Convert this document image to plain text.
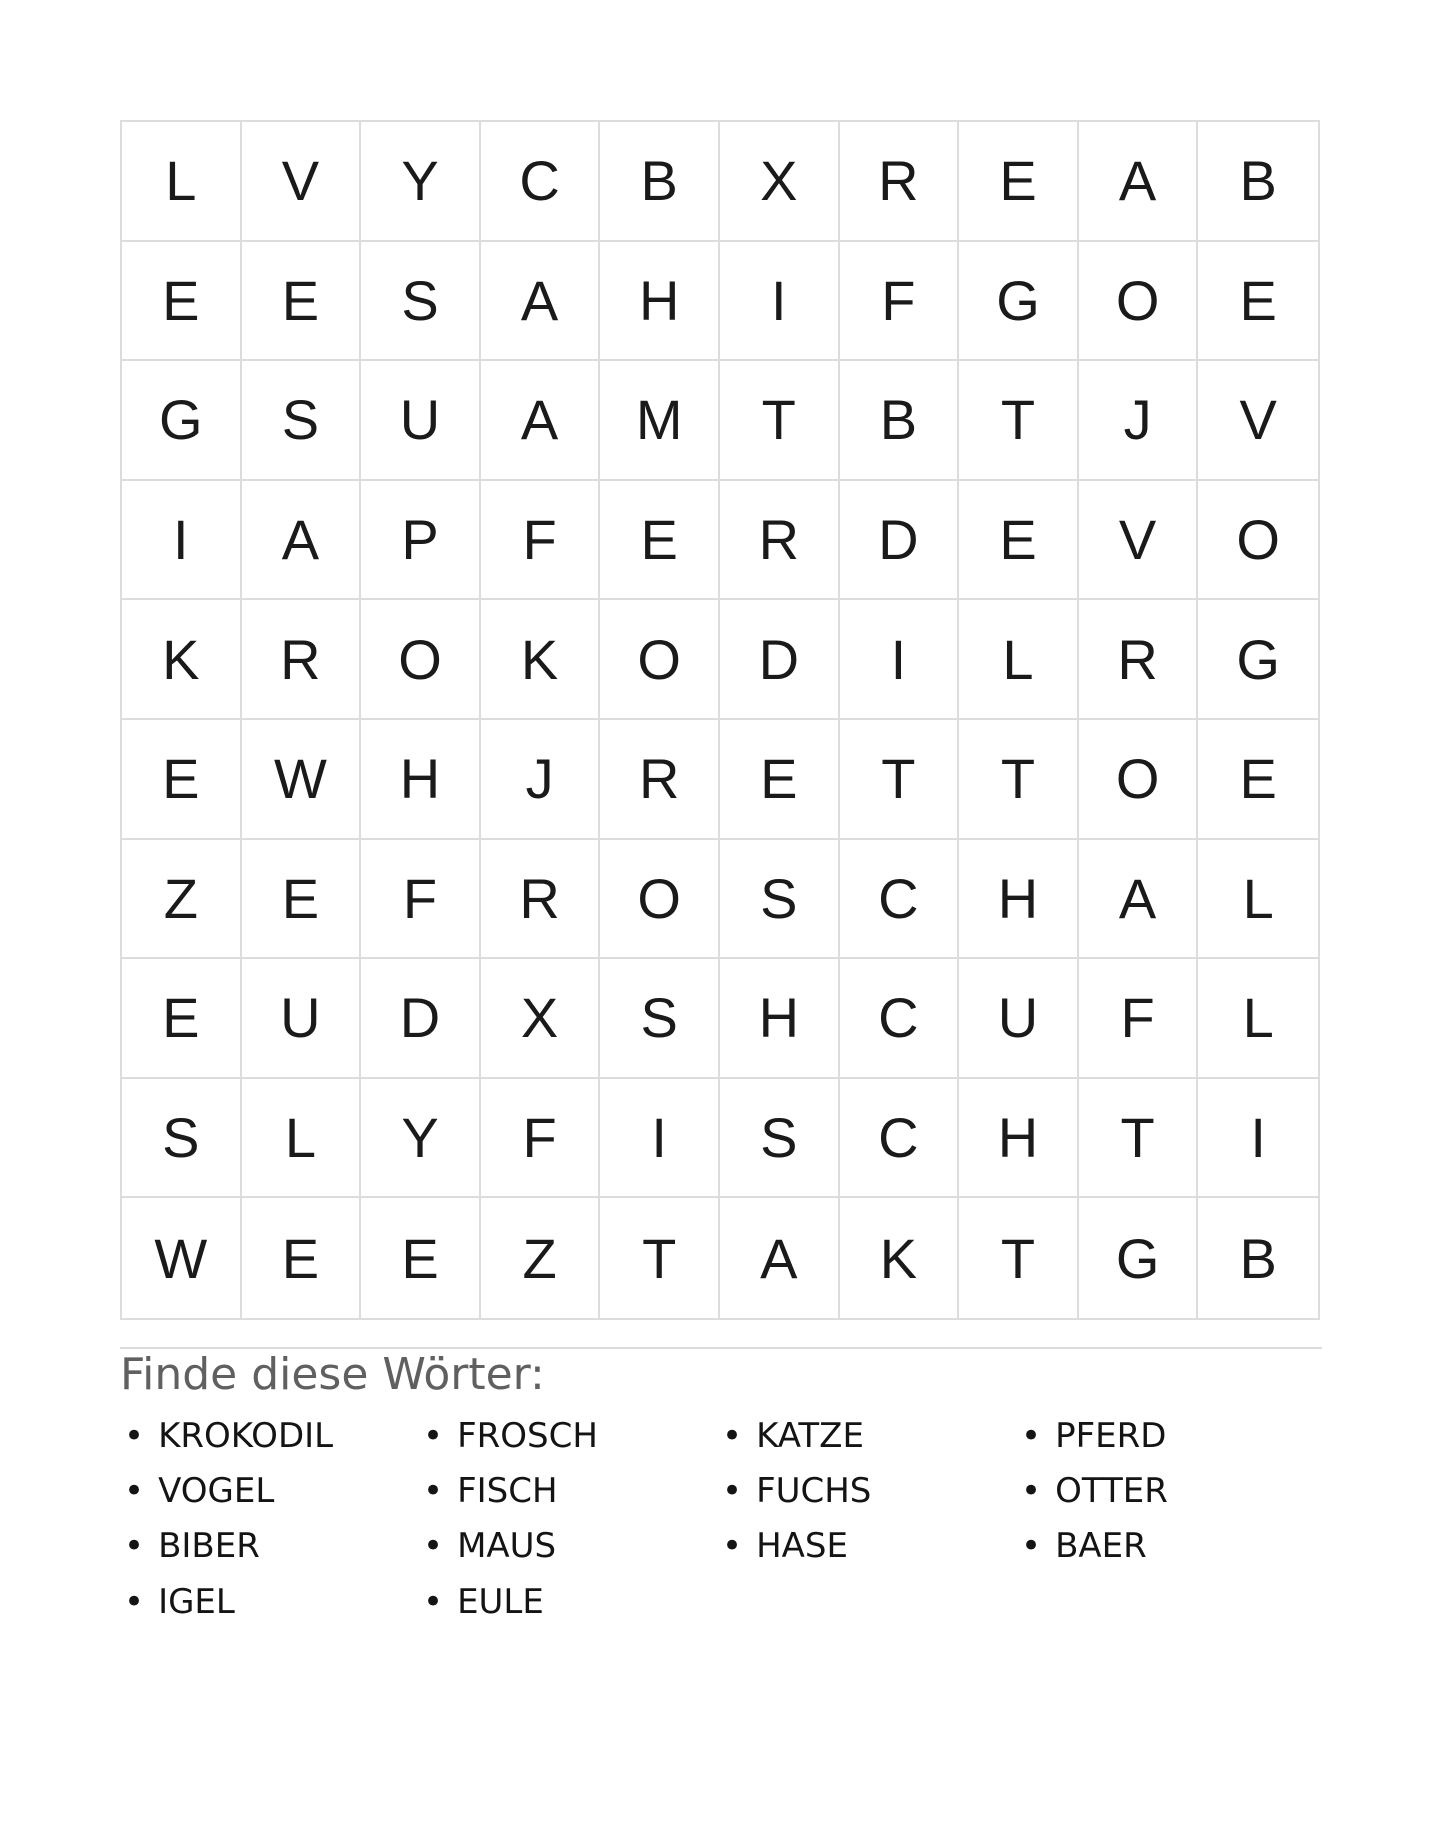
L	V	Y	C	B	X	R	E	A	B
E	E	S	A	H	I	F	G	O	E
G	S	U	A	M	T	B	T	J	V
I	A	P	F	E	R	D	E	V	O
K	R	O	K	O	D	I	L	R	G
E	W	H	J	R	E	T	T	O	E
Z	E	F	R	O	S	C	H	A	L
E	U	D	X	S	H	C	U	F	L
S	L	Y	F	I	S	C	H	T	I
W	E	E	Z	T	A	K	T	G	B
Finde diese Wörter:
• KROKODIL	• FROSCH	• KATZE	• PFERD
• VOGEL	• FISCH	• FUCHS	• OTTER
• BIBER	• MAUS	• HASE	• BAER
• IGEL	• EULE
